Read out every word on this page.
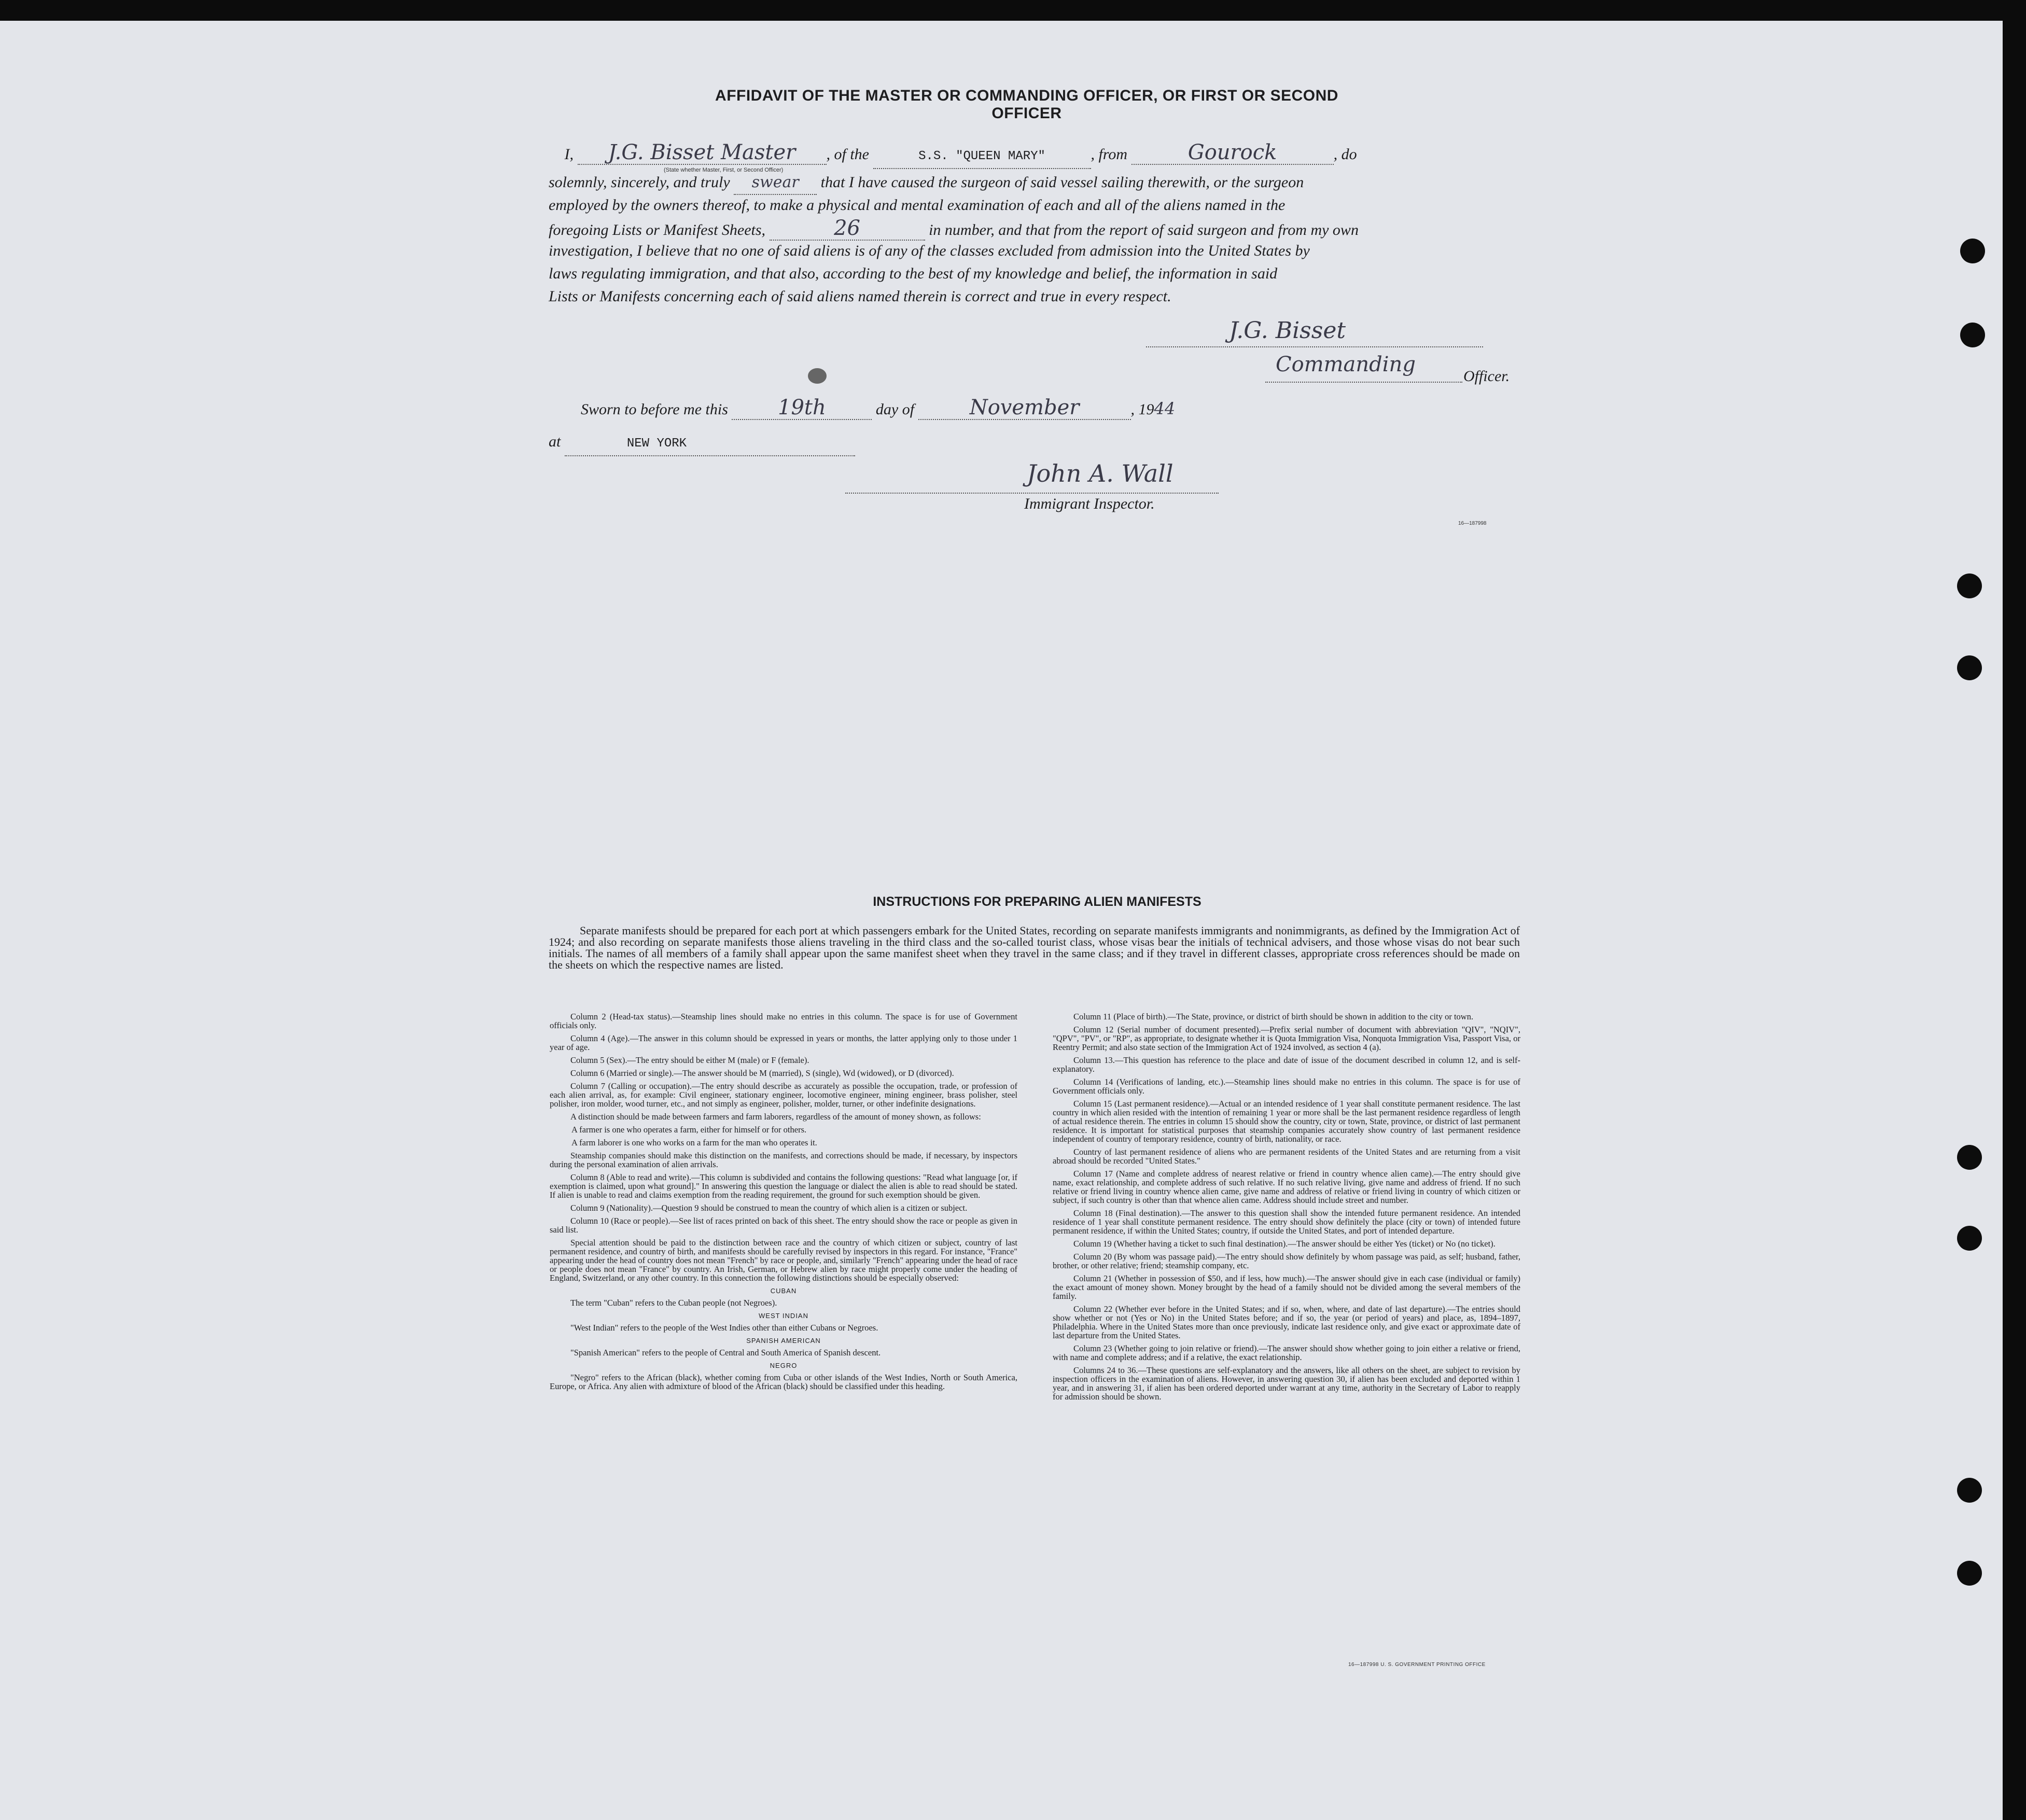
AFFIDAVIT OF THE MASTER OR COMMANDING OFFICER, OR FIRST OR SECOND OFFICER
I, J.G. Bisset Master , of the	S.S. "QUEEN MARY"	, from	Gourock	, do
(State whether Master, First, or Second Officer)
solemnly, sincerely, and truly swear that I have caused the surgeon of said vessel sailing therewith, or the surgeon
employed by the owners thereof, to make a physical and mental examination of each and all of the aliens named in the
foregoing Lists or Manifest Sheets,	26	in number, and that from the report of said surgeon and from my own
investigation, I believe that no one of said aliens is of any of the classes excluded from admission into the United States by
laws regulating immigration, and that also, according to the best of my knowledge and belief, the information in said
Lists or Manifests concerning each of said aliens named therein is correct and true in every respect.
J.G. Bisset
Commanding	Officer.
Sworn to before me this 19th	day of	November	, 1944
at	NEW YORK
John A. Wall
Immigrant Inspector.
16—187998
INSTRUCTIONS FOR PREPARING ALIEN MANIFESTS
Separate manifests should be prepared for each port at which passengers embark for the United States, recording on separate manifests immigrants and nonimmigrants, as defined by the Immigration Act of 1924; and also recording on separate manifests those aliens traveling in the third class and the so-called tourist class, whose visas bear the initials of technical advisers, and those whose visas do not bear such initials. The names of all members of a family shall appear upon the same manifest sheet when they travel in the same class; and if they travel in different classes, appropriate cross references should be made on the sheets on which the respective names are listed.

Column 2 (Head-tax status).—Steamship lines should make no entries in this column. The space is for use of Government officials only.

Column 4 (Age).—The answer in this column should be expressed in years or months, the latter applying only to those under 1 year of age.

Column 5 (Sex).—The entry should be either M (male) or F (female).

Column 6 (Married or single).—The answer should be M (married), S (single), Wd (widowed), or D (divorced).

Column 7 (Calling or occupation).—The entry should describe as accurately as possible the occupation, trade, or profession of each alien arrival, as, for example: Civil engineer, stationary engineer, locomotive engineer, mining engineer, brass polisher, steel polisher, iron molder, wood turner, etc., and not simply as engineer, polisher, molder, turner, or other indefinite designations.

A distinction should be made between farmers and farm laborers, regardless of the amount of money shown, as follows:

A farmer is one who operates a farm, either for himself or for others.

A farm laborer is one who works on a farm for the man who operates it.

Steamship companies should make this distinction on the manifests, and corrections should be made, if necessary, by inspectors during the personal examination of alien arrivals.

Column 8 (Able to read and write).—This column is subdivided and contains the following questions: "Read what language [or, if exemption is claimed, upon what ground]." In answering this question the language or dialect the alien is able to read should be stated. If alien is unable to read and claims exemption from the reading requirement, the ground for such exemption should be given.

Column 9 (Nationality).—Question 9 should be construed to mean the country of which alien is a citizen or subject.

Column 10 (Race or people).—See list of races printed on back of this sheet. The entry should show the race or people as given in said list.

Special attention should be paid to the distinction between race and the country of which citizen or subject, country of last permanent residence, and country of birth, and manifests should be carefully revised by inspectors in this regard. For instance, "France" appearing under the head of country does not mean "French" by race or people, and, similarly "French" appearing under the head of race or people does not mean "France" by country. An Irish, German, or Hebrew alien by race might properly come under the heading of England, Switzerland, or any other country. In this connection the following distinctions should be especially observed:

CUBAN

The term "Cuban" refers to the Cuban people (not Negroes).

WEST INDIAN

"West Indian" refers to the people of the West Indies other than either Cubans or Negroes.

SPANISH AMERICAN

"Spanish American" refers to the people of Central and South America of Spanish descent.

NEGRO

"Negro" refers to the African (black), whether coming from Cuba or other islands of the West Indies, North or South America, Europe, or Africa. Any alien with admixture of blood of the African (black) should be classified under this heading.

Column 11 (Place of birth).—The State, province, or district of birth should be shown in addition to the city or town.

Column 12 (Serial number of document presented).—Prefix serial number of document with abbreviation "QIV", "NQIV", "QPV", "PV", or "RP", as appropriate, to designate whether it is Quota Immigration Visa, Nonquota Immigration Visa, Passport Visa, or Reentry Permit; and also state section of the Immigration Act of 1924 involved, as section 4 (a).

Column 13.—This question has reference to the place and date of issue of the document described in column 12, and is self-explanatory.

Column 14 (Verifications of landing, etc.).—Steamship lines should make no entries in this column. The space is for use of Government officials only.

Column 15 (Last permanent residence).—Actual or an intended residence of 1 year shall constitute permanent residence. The last country in which alien resided with the intention of remaining 1 year or more shall be the last permanent residence regardless of length of actual residence therein. The entries in column 15 should show the country, city or town, State, province, or district of last permanent residence. It is important for statistical purposes that steamship companies accurately show country of last permanent residence independent of country of temporary residence, country of birth, nationality, or race.

Country of last permanent residence of aliens who are permanent residents of the United States and are returning from a visit abroad should be recorded "United States."

Column 17 (Name and complete address of nearest relative or friend in country whence alien came).—The entry should give name, exact relationship, and complete address of such relative. If no such relative living, give name and address of friend. If no such relative or friend living in country whence alien came, give name and address of relative or friend living in country of which citizen or subject, if such country is other than that whence alien came. Address should include street and number.

Column 18 (Final destination).—The answer to this question shall show the intended future permanent residence. An intended residence of 1 year shall constitute permanent residence. The entry should show definitely the place (city or town) of intended future permanent residence, if within the United States; country, if outside the United States, and port of intended departure.

Column 19 (Whether having a ticket to such final destination).—The answer should be either Yes (ticket) or No (no ticket).

Column 20 (By whom was passage paid).—The entry should show definitely by whom passage was paid, as self; husband, father, brother, or other relative; friend; steamship company, etc.

Column 21 (Whether in possession of $50, and if less, how much).—The answer should give in each case (individual or family) the exact amount of money shown. Money brought by the head of a family should not be divided among the several members of the family.

Column 22 (Whether ever before in the United States; and if so, when, where, and date of last departure).—The entries should show whether or not (Yes or No) in the United States before; and if so, the year (or period of years) and place, as, 1894–1897, Philadelphia. Where in the United States more than once previously, indicate last residence only, and give exact or approximate date of last departure from the United States.

Column 23 (Whether going to join relative or friend).—The answer should show whether going to join either a relative or friend, with name and complete address; and if a relative, the exact relationship.

Columns 24 to 36.—These questions are self-explanatory and the answers, like all others on the sheet, are subject to revision by inspection officers in the examination of aliens. However, in answering question 30, if alien has been excluded and deported within 1 year, and in answering 31, if alien has been ordered deported under warrant at any time, authority in the Secretary of Labor to reapply for admission should be shown.

16—187998 U. S. GOVERNMENT PRINTING OFFICE
